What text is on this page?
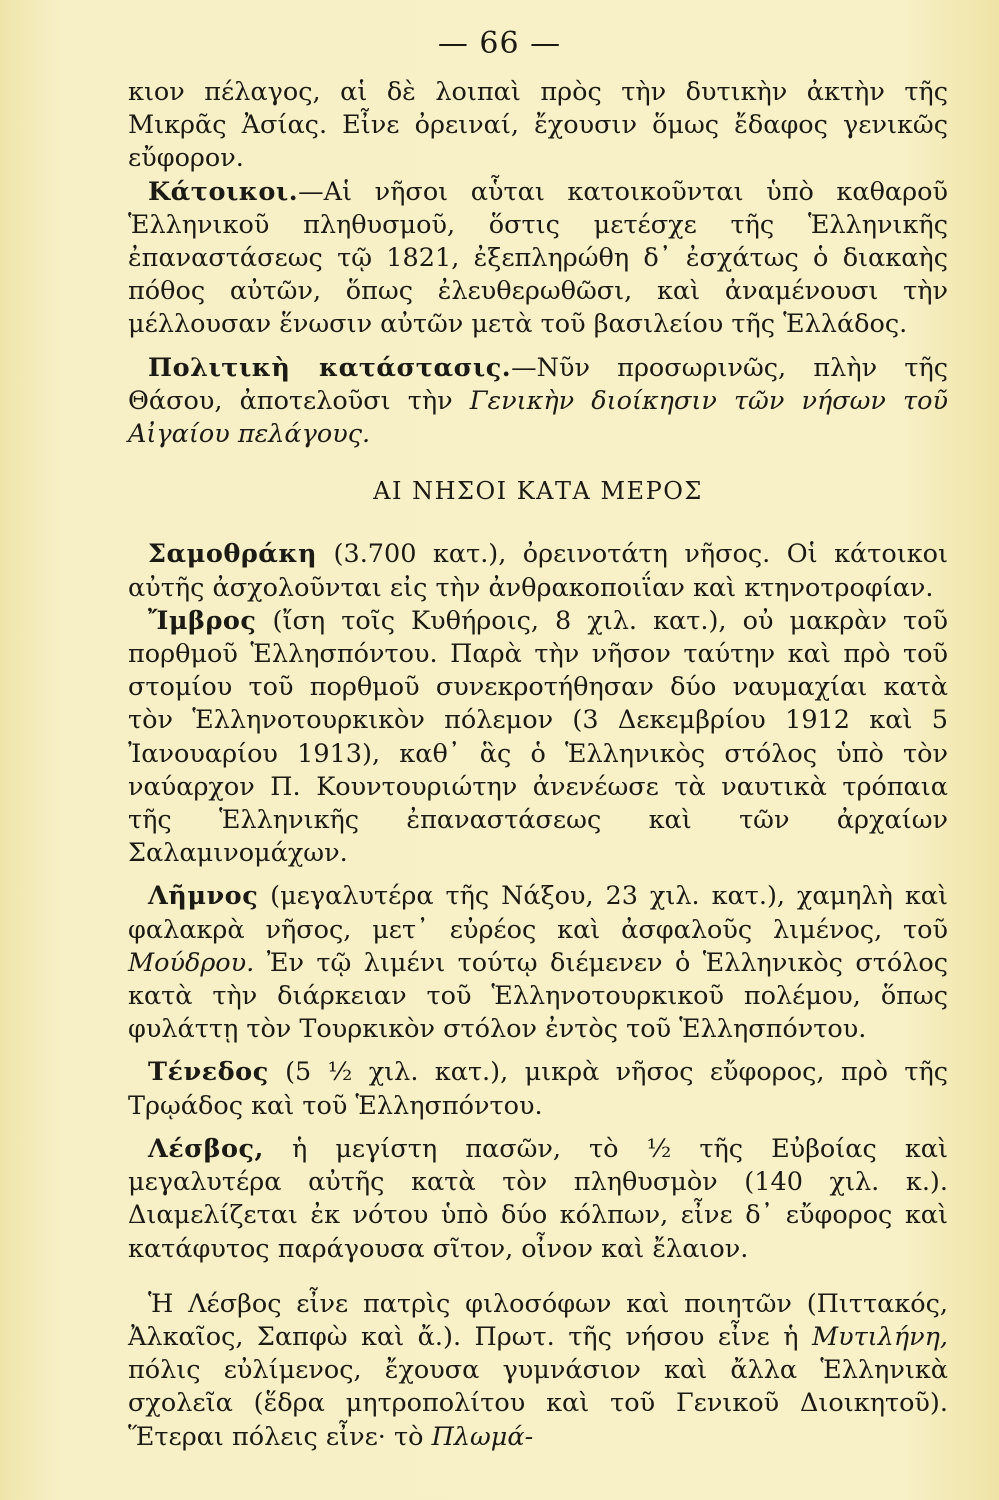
— 66 —

κιον πέλαγος, αἱ δὲ λοιπαὶ πρὸς τὴν δυτικὴν ἀκτὴν τῆς Μικρᾶς Ἀσίας. Εἶνε ὀρειναί, ἔχουσιν ὅμως ἔδαφος γενικῶς εὔφορον.

Κάτοικοι.—Αἱ νῆσοι αὗται κατοικοῦνται ὑπὸ καθαροῦ Ἑλληνικοῦ πληθυσμοῦ, ὅστις μετέσχε τῆς Ἑλληνικῆς ἐπαναστάσεως τῷ 1821, ἐξεπληρώθη δ᾿ ἐσχάτως ὁ διακαὴς πόθος αὐτῶν, ὅπως ἐλευθερωθῶσι, καὶ ἀναμένουσι τὴν μέλλουσαν ἕνωσιν αὐτῶν μετὰ τοῦ βασιλείου τῆς Ἑλλάδος.

Πολιτικὴ κατάστασις.—Νῦν προσωρινῶς, πλὴν τῆς Θάσου, ἀποτελοῦσι τὴν Γενικὴν διοίκησιν τῶν νήσων τοῦ Αἰγαίου πελάγους.

ΑΙ ΝΗΣΟΙ ΚΑΤΑ ΜΕΡΟΣ

Σαμοθράκη (3.700 κατ.), ὀρεινοτάτη νῆσος. Οἱ κάτοικοι αὐτῆς ἀσχολοῦνται εἰς τὴν ἀνθρακοποιΐαν καὶ κτηνοτροφίαν.

Ἴμβρος (ἴση τοῖς Κυθήροις, 8 χιλ. κατ.), οὐ μακρὰν τοῦ πορθμοῦ Ἑλλησπόντου. Παρὰ τὴν νῆσον ταύτην καὶ πρὸ τοῦ στομίου τοῦ πορθμοῦ συνεκροτήθησαν δύο ναυμαχίαι κατὰ τὸν Ἑλληνοτουρκικὸν πόλεμον (3 Δεκεμβρίου 1912 καὶ 5 Ἰανουαρίου 1913), καθ᾿ ἃς ὁ Ἑλληνικὸς στόλος ὑπὸ τὸν ναύαρχον Π. Κουντουριώτην ἀνενέωσε τὰ ναυτικὰ τρόπαια τῆς Ἑλληνικῆς ἐπαναστάσεως καὶ τῶν ἀρχαίων Σαλαμινομάχων.

Λῆμνος (μεγαλυτέρα τῆς Νάξου, 23 χιλ. κατ.), χαμηλὴ καὶ φαλακρὰ νῆσος, μετ᾿ εὐρέος καὶ ἀσφαλοῦς λιμένος, τοῦ Μούδρου. Ἐν τῷ λιμένι τούτῳ διέμενεν ὁ Ἑλληνικὸς στόλος κατὰ τὴν διάρκειαν τοῦ Ἑλληνοτουρκικοῦ πολέμου, ὅπως φυλάττῃ τὸν Τουρκικὸν στόλον ἐντὸς τοῦ Ἑλλησπόντου.

Τένεδος (5 ½ χιλ. κατ.), μικρὰ νῆσος εὔφορος, πρὸ τῆς Τρῳάδος καὶ τοῦ Ἑλλησπόντου.

Λέσβος, ἡ μεγίστη πασῶν, τὸ ½ τῆς Εὐβοίας καὶ μεγαλυτέρα αὐτῆς κατὰ τὸν πληθυσμὸν (140 χιλ. κ.). Διαμελίζεται ἐκ νότου ὑπὸ δύο κόλπων, εἶνε δ᾿ εὔφορος καὶ κατάφυτος παράγουσα σῖτον, οἶνον καὶ ἔλαιον.

Ἡ Λέσβος εἶνε πατρὶς φιλοσόφων καὶ ποιητῶν (Πιττακός, Ἀλκαῖος, Σαπφὼ καὶ ἄ.). Πρωτ. τῆς νήσου εἶνε ἡ Μυτιλήνη, πόλις εὐλίμενος, ἔχουσα γυμνάσιον καὶ ἄλλα Ἑλληνικὰ σχολεῖα (ἕδρα μητροπολίτου καὶ τοῦ Γενικοῦ Διοικητοῦ). Ἕτεραι πόλεις εἶνε· τὸ Πλωμά-
